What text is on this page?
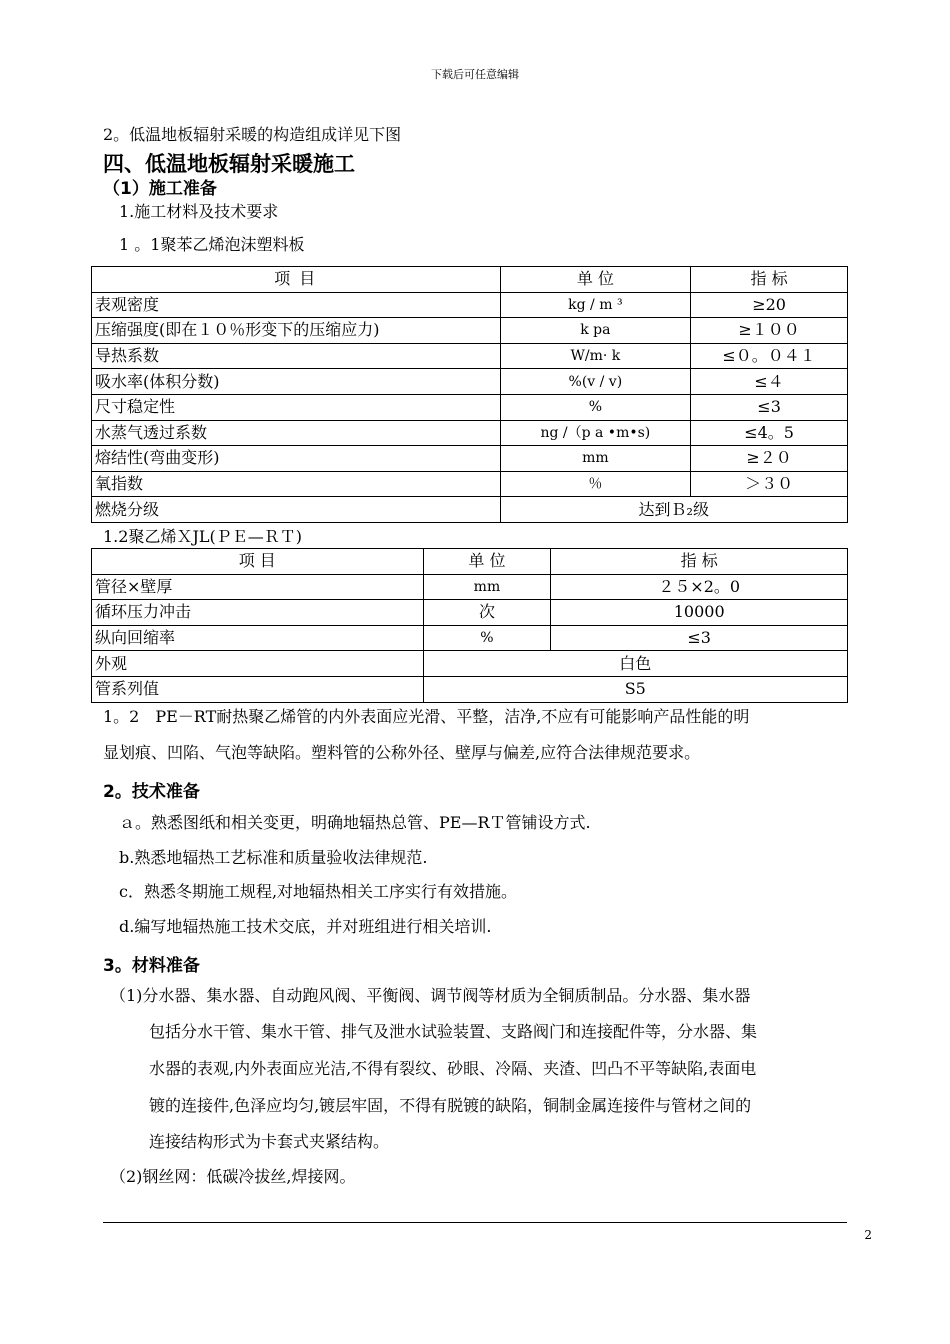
下载后可任意编辑
2。低温地板辐射采暖的构造组成详见下图
四、低温地板辐射采暖施工
（1）施工准备
1.施工材料及技术要求
1 。1聚苯乙烯泡沫塑料板
项 目	单 位	指 标
表观密度	kg / m ³	≥20
压缩强度(即在１０％形变下的压缩应力)	k pa	≥１００
导热系数	W/m· k	≤０。０４１
吸水率(体积分数)	%(v / v)	≤４
尺寸稳定性	%	≤3
水蒸气透过系数	ng /（p a •m•s)	≤4。5
熔结性(弯曲变形)	mm	≥２０
氧指数	％	＞３０
燃烧分级	达到Ｂ₂级	
1.2聚乙烯ＸJL(ＰＥ—ＲＴ)
项 目	单 位	指 标
管径×壁厚	mm	２５×2。0
循环压力冲击	次	10000
纵向回缩率	%	≤3
外观	白色	
管系列值	S5	
1。2　PE－RT耐热聚乙烯管的内外表面应光滑、平整，洁净,不应有可能影响产品性能的明
显划痕、凹陷、气泡等缺陷。塑料管的公称外径、壁厚与偏差,应符合法律规范要求。
2。技术准备
ａ。熟悉图纸和相关变更，明确地辐热总管、PE—RＴ管铺设方式.
b.熟悉地辐热工艺标准和质量验收法律规范.
c．熟悉冬期施工规程,对地辐热相关工序实行有效措施。
d.编写地辐热施工技术交底，并对班组进行相关培训.
3。材料准备
（1)分水器、集水器、自动跑风阀、平衡阀、调节阀等材质为全铜质制品。分水器、集水器
包括分水干管、集水干管、排气及泄水试验装置、支路阀门和连接配件等，分水器、集
水器的表观,内外表面应光洁,不得有裂纹、砂眼、冷隔、夹渣、凹凸不平等缺陷,表面电
镀的连接件,色泽应均匀,镀层牢固，不得有脱镀的缺陷，铜制金属连接件与管材之间的
连接结构形式为卡套式夹紧结构。
（2)钢丝网：低碳冷拔丝,焊接网。
2
